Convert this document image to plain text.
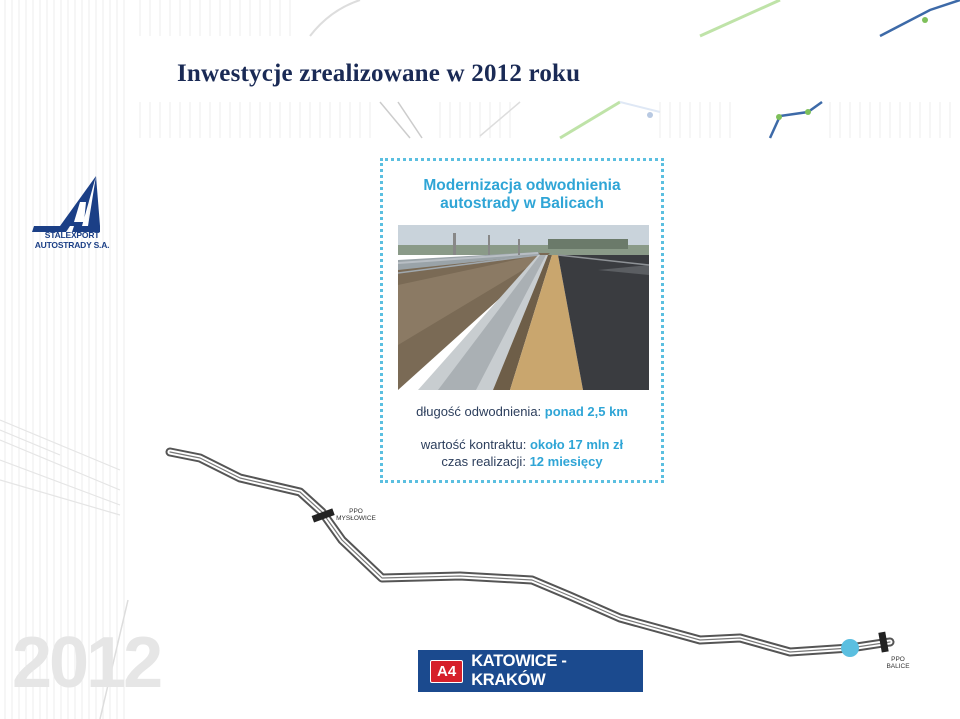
Inwestycje zrealizowane w 2012 roku
STALEXPORT
AUTOSTRADY S.A.
Modernizacja odwodnienia
autostrady w Balicach
długość odwodnienia: ponad 2,5 km
wartość kontraktu: około 17 mln zł
czas realizacji: 12 miesięcy
PPO
MYSŁOWICE
PPO
BALICE
A4
KATOWICE - KRAKÓW
2012
